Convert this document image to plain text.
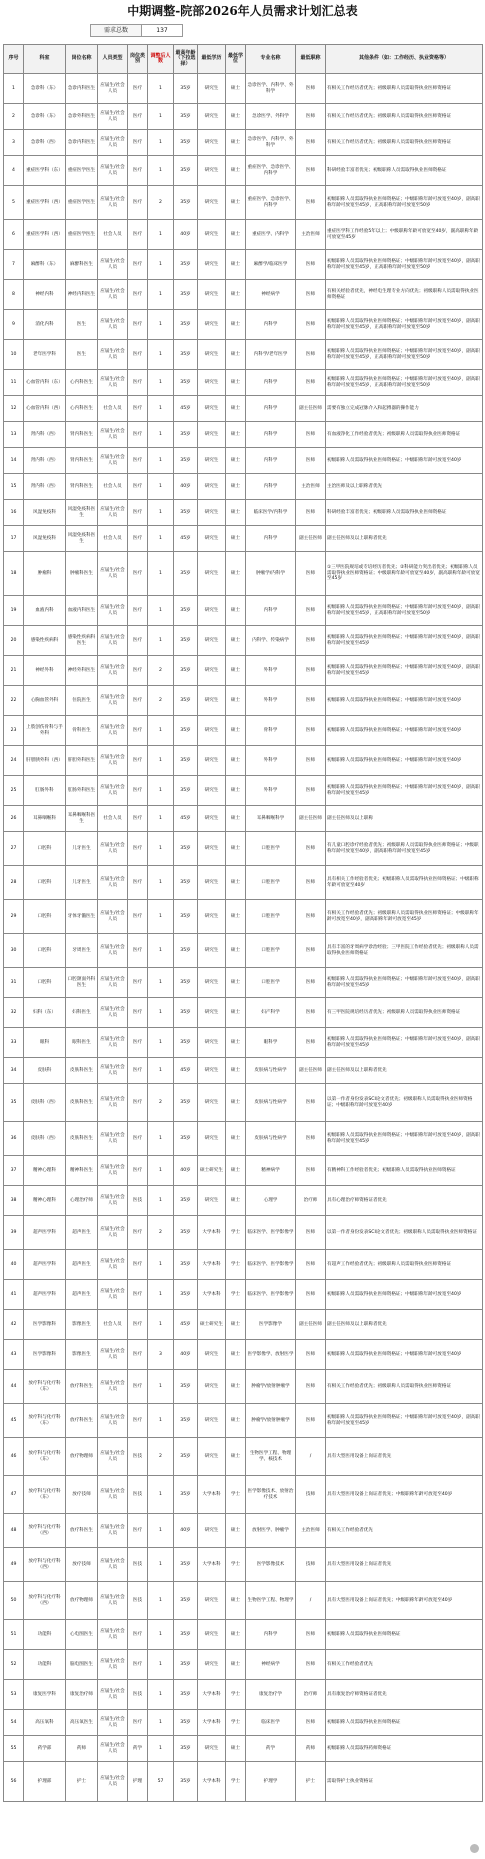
中期调整-院部2026年人员需求计划汇总表
需求总数	137
序号	科室	岗位名称	人员类型	岗位类别	调整后人数	最高年龄（下拉选择）	最低学历	最低学位	专业名称	最低职称	其他条件（如：工作经历、执业资格等）
1	急诊科（东）	急诊内科医生	应届生/社会人员	医疗	1	35岁	研究生	硕士	急诊医学、内科学、外科学	医师	有相关工作经历者优先；初级职称人员需取得执业医师资格证
2	急诊科（东）	急诊外科医生	应届生/社会人员	医疗	1	35岁	研究生	硕士	急诊医学、外科学	医师	有相关工作经历者优先；初级职称人员需取得执业医师资格证
3	急诊科（西）	急诊内科医生	应届生/社会人员	医疗	1	35岁	研究生	硕士	急诊医学、内科学、外科学	医师	有相关工作经历者优先；初级职称人员需取得执业医师资格证
4	重症医学科（东）	重症医学医生	应届生/社会人员	医疗	1	35岁	研究生	硕士	重症医学、急诊医学、内科学	医师	科研经验丰富者优先；初级职称人员需取得执业医师资格证
5	重症医学科（西）	重症医学医生	应届生/社会人员	医疗	2	35岁	研究生	硕士	重症医学、急诊医学、内科学	医师	初级职称人员需取得执业医师资格证；中级职称年龄可放宽至40岁，副高职称年龄可放宽至45岁，正高职称年龄可放宽至50岁
6	重症医学科（西）	重症医学医生	社会人员	医疗	1	40岁	研究生	硕士	重症医学、内科学	主治医师	重症医学科工作经验5年以上；中级职称年龄可放宽至40岁，副高职称年龄可放宽至45岁
7	麻醉科（东）	麻醉科医生	应届生/社会人员	医疗	1	35岁	研究生	硕士	麻醉学/临床医学	医师	初级职称人员需取得执业医师资格证；中级职称年龄可放宽至40岁，副高职称年龄可放宽至45岁，正高职称年龄可放宽至50岁
8	神经内科	神经内科医生	应届生/社会人员	医疗	1	35岁	研究生	硕士	神经病学	医师	有相关经验者优先，神经电生理专业方向优先；初级职称人员需取得执业医师资格证
9	消化内科	医生	应届生/社会人员	医疗	1	35岁	研究生	硕士	内科学	医师	初级职称人员需取得执业医师资格证；中级职称年龄可放宽至40岁，副高职称年龄可放宽至45岁，正高职称年龄可放宽至50岁
10	老年医学科	医生	应届生/社会人员	医疗	1	35岁	研究生	硕士	内科学/老年医学	医师	初级职称人员需取得执业医师资格证；中级职称年龄可放宽至40岁，副高职称年龄可放宽至45岁，正高职称年龄可放宽至50岁
11	心血管内科（东）	心内科医生	应届生/社会人员	医疗	1	35岁	研究生	硕士	内科学	医师	初级职称人员需取得执业医师资格证；中级职称年龄可放宽至40岁，副高职称年龄可放宽至45岁，正高职称年龄可放宽至50岁
12	心血管内科（西）	心内科医生	社会人员	医疗	1	45岁	研究生	硕士	内科学	副主任医师	需要有独立完成冠脉介入和起搏器的操作能力
13	肾内科（西）	肾内科医生	应届生/社会人员	医疗	1	35岁	研究生	硕士	内科学	医师	有血液净化工作经验者优先；初级职称人员需取得执业医师资格证
14	肾内科（西）	肾内科医生	应届生/社会人员	医疗	1	35岁	研究生	硕士	内科学	医师	初级职称人员需取得执业医师资格证；中级职称年龄可放宽至40岁
15	肾内科（西）	肾内科医生	社会人员	医疗	1	40岁	研究生	硕士	内科学	主治医师	主治医师及以上职称者优先
16	风湿免疫科	风湿免疫科医生	应届生/社会人员	医疗	1	35岁	研究生	硕士	临床医学/内科学	医师	科研经验丰富者优先；初级职称人员需取得执业医师资格证
17	风湿免疫科	风湿免疫科医生	社会人员	医疗	1	45岁	研究生	硕士	内科学	副主任医师	副主任医师及以上职称者优先
18	肿瘤科	肿瘤科医生	应届生/社会人员	医疗	1	35岁	研究生	硕士	肿瘤学/内科学	医师	①三甲医院规培或专培经历者优先；②科研能力突出者优先；初级职称人员需取得执业医师资格证；中级职称年龄可放宽至40岁，副高职称年龄可放宽至45岁
19	血液内科	血液内科医生	应届生/社会人员	医疗	1	35岁	研究生	硕士	内科学	医师	初级职称人员需取得执业医师资格证；中级职称年龄可放宽至40岁，副高职称年龄可放宽至45岁，正高职称年龄可放宽至50岁
20	感染性疾病科	感染性疾病科医生	应届生/社会人员	医疗	1	35岁	研究生	硕士	内科学、传染病学	医师	初级职称人员需取得执业医师资格证；中级职称年龄可放宽至40岁，副高职称年龄可放宽至45岁
21	神经外科	神经外科医生	应届生/社会人员	医疗	2	35岁	研究生	硕士	外科学	医师	初级职称人员需取得执业医师资格证；中级职称年龄可放宽至40岁，副高职称年龄可放宽至45岁
22	心胸血管外科	住院医生	应届生/社会人员	医疗	2	35岁	研究生	硕士	外科学	医师	初级职称人员需取得执业医师资格证；中级职称年龄可放宽至40岁
23	上肢创伤骨科与手外科	骨科医生	应届生/社会人员	医疗	1	35岁	研究生	硕士	骨科学	医师	初级职称人员需取得执业医师资格证；中级职称年龄可放宽至40岁
24	肝胆胰外科（西）	肝胆外科医生	应届生/社会人员	医疗	1	35岁	研究生	硕士	外科学	医师	初级职称人员需取得执业医师资格证；中级职称年龄可放宽至40岁
25	肛肠外科	肛肠外科医生	应届生/社会人员	医疗	1	35岁	研究生	硕士	外科学	医师	初级职称人员需取得执业医师资格证；中级职称年龄可放宽至40岁，副高职称年龄可放宽至45岁
26	耳鼻咽喉科	耳鼻咽喉科医生	社会人员	医疗	1	45岁	研究生	硕士	耳鼻咽喉科学	副主任医师	副主任医师及以上职称
27	口腔科	儿牙医生	应届生/社会人员	医疗	1	35岁	研究生	硕士	口腔医学	医师	有儿童口腔诊疗经验者优先；初级职称人员需取得执业医师资格证；中级职称年龄可放宽至40岁，副高职称年龄可放宽至45岁
28	口腔科	儿牙医生	应届生/社会人员	医疗	1	35岁	研究生	硕士	口腔医学	医师	具有相关工作经验者优先；初级职称人员需取得执业医师资格证；中级职称年龄可放宽至40岁
29	口腔科	牙体牙髓医生	应届生/社会人员	医疗	1	35岁	研究生	硕士	口腔医学	医师	有相关工作经验者优先；初级职称人员需取得执业医师资格证；中级职称年龄可放宽至40岁，副高职称年龄可放宽至45岁
30	口腔科	牙周医生	应届生/社会人员	医疗	1	35岁	研究生	硕士	口腔医学	医师	具有丰富的牙周病学诊治经验；三甲医院工作经验者优先；初级职称人员需取得执业医师资格证
31	口腔科	口腔颌面外科医生	应届生/社会人员	医疗	1	35岁	研究生	硕士	口腔医学	医师	初级职称人员需取得执业医师资格证；中级职称年龄可放宽至40岁，副高职称年龄可放宽至45岁
32	妇科（东）	妇科医生	应届生/社会人员	医疗	1	35岁	研究生	硕士	妇产科学	医师	有三甲医院规培经历者优先；初级职称人员需取得执业医师资格证
33	眼科	眼科医生	应届生/社会人员	医疗	1	35岁	研究生	硕士	眼科学	医师	初级职称人员需取得执业医师资格证；中级职称年龄可放宽至40岁，副高职称年龄可放宽至45岁
34	皮肤科	皮肤科医生	应届生/社会人员	医疗	1	45岁	研究生	硕士	皮肤病与性病学	副主任医师	副主任医师及以上职称者优先
35	皮肤科（西）	皮肤科医生	应届生/社会人员	医疗	2	35岁	研究生	硕士	皮肤病与性病学	医师	以第一作者身份发表SCI论文者优先；初级职称人员需取得执业医师资格证；中级职称年龄可放宽至40岁
36	皮肤科（西）	皮肤科医生	应届生/社会人员	医疗	1	35岁	研究生	硕士	皮肤病与性病学	医师	初级职称人员需取得执业医师资格证；中级职称年龄可放宽至40岁，副高职称年龄可放宽至45岁
37	精神心理科	精神科医生	应届生/社会人员	医疗	1	40岁	硕士研究生	硕士	精神病学	医师	有精神科工作经验者优先；初级职称人员需取得执业医师资格证
38	精神心理科	心理治疗师	应届生/社会人员	医技	1	35岁	研究生	硕士	心理学	治疗师	具有心理治疗师资格证者优先
39	超声医学科	超声医生	应届生/社会人员	医疗	2	35岁	大学本科	学士	临床医学、医学影像学	医师	以第一作者身份发表SCI论文者优先；初级职称人员需取得执业医师资格证
40	超声医学科	超声医生	应届生/社会人员	医疗	1	35岁	大学本科	学士	临床医学、医学影像学	医师	有超声工作经验者优先；初级职称人员需取得执业医师资格证
41	超声医学科	超声医生	应届生/社会人员	医疗	1	35岁	大学本科	学士	临床医学、医学影像学	医师	初级职称人员需取得执业医师资格证；中级职称年龄可放宽至40岁
42	医学影像科	影像医生	社会人员	医疗	1	45岁	硕士研究生	硕士	医学影像学	副主任医师	副主任医师及以上职称者优先
43	医学影像科	影像医生	应届生/社会人员	医疗	3	40岁	研究生	硕士	医学影像学、放射医学	医师	初级职称人员需取得执业医师资格证；中级职称年龄可放宽至40岁
44	放疗科与化疗科（东）	放疗科医生	应届生/社会人员	医疗	1	35岁	研究生	硕士	肿瘤学/放射肿瘤学	医师	有相关工作经验者优先；初级职称人员需取得执业医师资格证
45	放疗科与化疗科（东）	放疗科医生	应届生/社会人员	医疗	1	35岁	研究生	硕士	肿瘤学/放射肿瘤学	医师	初级职称人员需取得执业医师资格证；中级职称年龄可放宽至40岁，副高职称年龄可放宽至45岁
46	放疗科与化疗科（东）	放疗物理师	应届生/社会人员	医技	2	35岁	研究生	硕士	生物医学工程、物理学、核技术	/	具有大型医用设备上岗证者优先
47	放疗科与化疗科（东）	放疗技师	应届生/社会人员	医技	1	35岁	大学本科	学士	医学影像技术、放射治疗技术	技师	具有大型医用设备上岗证者优先；中级职称年龄可放宽至40岁
48	放疗科与化疗科（西）	放疗科医生	应届生/社会人员	医疗	1	40岁	研究生	硕士	放射医学、肿瘤学	主治医师	有相关工作经验者优先
49	放疗科与化疗科（西）	放疗技师	应届生/社会人员	医技	1	35岁	大学本科	学士	医学影像技术	技师	具有大型医用设备上岗证者优先
50	放疗科与化疗科（西）	放疗物理师	应届生/社会人员	医技	1	35岁	研究生	硕士	生物医学工程、物理学	/	具有大型医用设备上岗证者优先；中级职称年龄可放宽至40岁
51	功能科	心电图医生	应届生/社会人员	医疗	1	35岁	研究生	硕士	内科学	医师	初级职称人员需取得执业医师资格证
52	功能科	脑电图医生	应届生/社会人员	医疗	1	35岁	研究生	硕士	神经病学	医师	有相关工作经验者优先
53	康复医学科	康复治疗师	应届生/社会人员	医技	1	35岁	大学本科	学士	康复治疗学	治疗师	具有康复治疗师资格证者优先
54	高压氧科	高压氧医生	应届生/社会人员	医疗	1	35岁	大学本科	学士	临床医学	医师	初级职称人员需取得执业医师资格证
55	药学部	药师	应届生/社会人员	药学	1	35岁	研究生	硕士	药学	药师	初级职称人员需取得药师资格证
56	护理部	护士	应届生/社会人员	护理	57	35岁	大学本科	学士	护理学	护士	需取得护士执业资格证
